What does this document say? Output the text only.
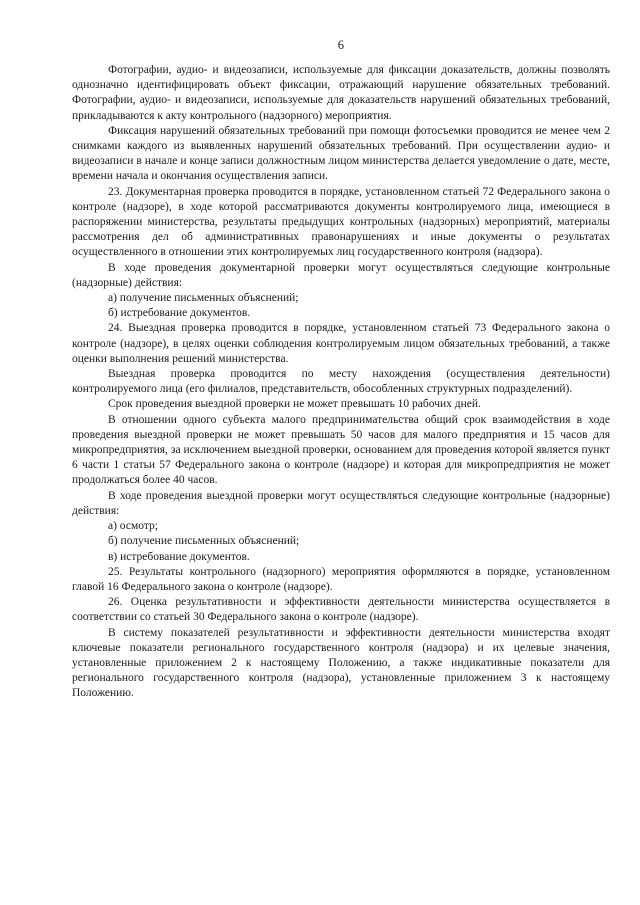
6

Фотографии, аудио- и видеозаписи, используемые для фиксации доказательств, должны позволять однозначно идентифицировать объект фиксации, отражающий нарушение обязательных требований. Фотографии, аудио- и видеозаписи, используемые для доказательств нарушений обязательных требований, прикладываются к акту контрольного (надзорного) мероприятия.

Фиксация нарушений обязательных требований при помощи фотосъемки проводится не менее чем 2 снимками каждого из выявленных нарушений обязательных требований. При осуществлении аудио- и видеозаписи в начале и конце записи должностным лицом министерства делается уведомление о дате, месте, времени начала и окончания осуществления записи.

23. Документарная проверка проводится в порядке, установленном статьей 72 Федерального закона о контроле (надзоре), в ходе которой рассматриваются документы контролируемого лица, имеющиеся в распоряжении министерства, результаты предыдущих контрольных (надзорных) мероприятий, материалы рассмотрения дел об административных правонарушениях и иные документы о результатах осуществленного в отношении этих контролируемых лиц государственного контроля (надзора).

В ходе проведения документарной проверки могут осуществляться следующие контрольные (надзорные) действия:

а) получение письменных объяснений;

б) истребование документов.

24. Выездная проверка проводится в порядке, установленном статьей 73 Федерального закона о контроле (надзоре), в целях оценки соблюдения контролируемым лицом обязательных требований, а также оценки выполнения решений министерства.

Выездная проверка проводится по месту нахождения (осуществления деятельности) контролируемого лица (его филиалов, представительств, обособленных структурных подразделений).

Срок проведения выездной проверки не может превышать 10 рабочих дней.

В отношении одного субъекта малого предпринимательства общий срок взаимодействия в ходе проведения выездной проверки не может превышать 50 часов для малого предприятия и 15 часов для микропредприятия, за исключением выездной проверки, основанием для проведения которой является пункт 6 части 1 статьи 57 Федерального закона о контроле (надзоре) и которая для микропредприятия не может продолжаться более 40 часов.

В ходе проведения выездной проверки могут осуществляться следующие контрольные (надзорные) действия:

а) осмотр;

б) получение письменных объяснений;

в) истребование документов.

25. Результаты контрольного (надзорного) мероприятия оформляются в порядке, установленном главой 16 Федерального закона о контроле (надзоре).

26. Оценка результативности и эффективности деятельности министерства осуществляется в соответствии со статьей 30 Федерального закона о контроле (надзоре).

В систему показателей результативности и эффективности деятельности министерства входят ключевые показатели регионального государственного контроля (надзора) и их целевые значения, установленные приложением 2 к настоящему Положению, а также индикативные показатели для регионального государственного контроля (надзора), установленные приложением 3 к настоящему Положению.
